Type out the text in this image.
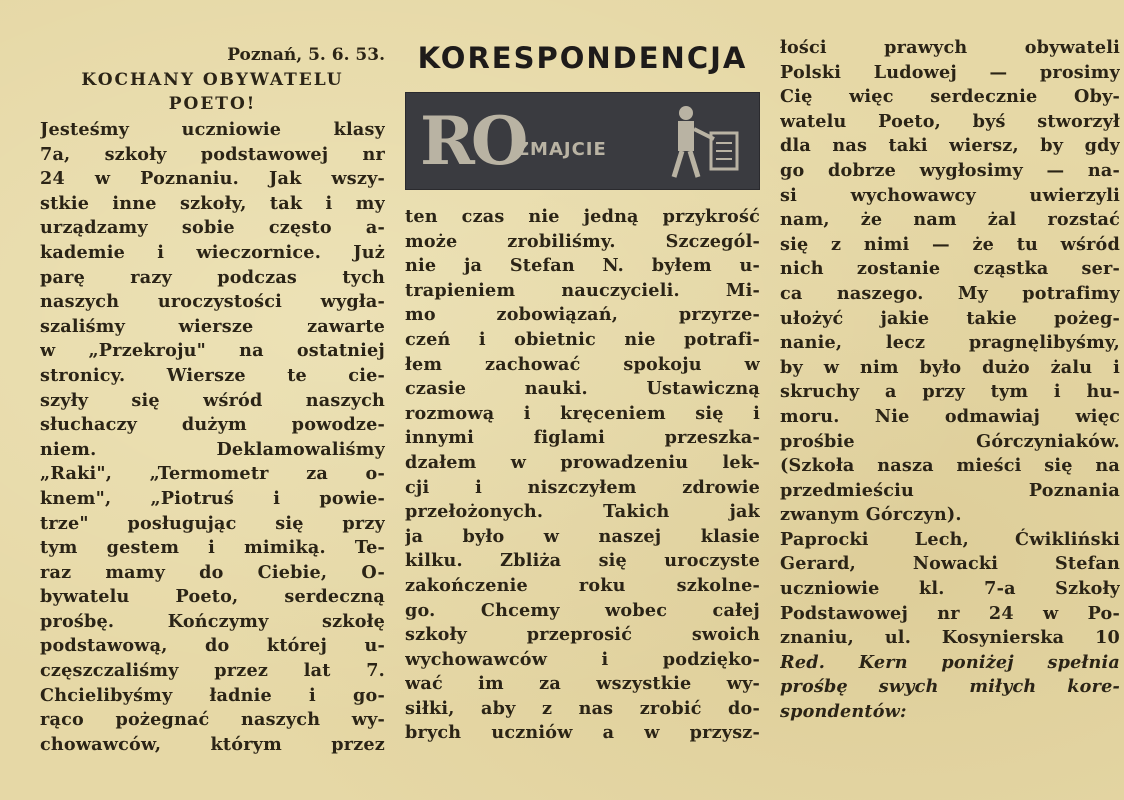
Poznań, 5. 6. 53.
KOCHANY OBYWATELU
POETO!
Jesteśmy uczniowie klasy
7a, szkoły podstawowej nr
24 w Poznaniu. Jak wszy-
stkie inne szkoły, tak i my
urządzamy sobie często a-
kademie i wieczornice. Już
parę razy podczas tych
naszych uroczystości wygła-
szaliśmy wiersze zawarte
w „Przekroju" na ostatniej
stronicy. Wiersze te cie-
szyły się wśród naszych
słuchaczy dużym powodze-
niem. Deklamowaliśmy
„Raki", „Termometr za o-
knem", „Piotruś i powie-
trze" posługując się przy
tym gestem i mimiką. Te-
raz mamy do Ciebie, O-
bywatelu Poeto, serdeczną
prośbę. Kończymy szkołę
podstawową, do której u-
częszczaliśmy przez lat 7.
Chcielibyśmy ładnie i go-
rąco pożegnać naszych wy-
chowawców, którym przez
KORESPONDENCJA
RO
ZMAJCIE
ten czas nie jedną przykrość
może zrobiliśmy. Szczegól-
nie ja Stefan N. byłem u-
trapieniem nauczycieli. Mi-
mo zobowiązań, przyrze-
czeń i obietnic nie potrafi-
łem zachować spokoju w
czasie nauki. Ustawiczną
rozmową i kręceniem się i
innymi figlami przeszka-
dzałem w prowadzeniu lek-
cji i niszczyłem zdrowie
przełożonych. Takich jak
ja było w naszej klasie
kilku. Zbliża się uroczyste
zakończenie roku szkolne-
go. Chcemy wobec całej
szkoły przeprosić swoich
wychowawców i podzięko-
wać im za wszystkie wy-
siłki, aby z nas zrobić do-
brych uczniów a w przysz-
łości prawych obywateli
Polski Ludowej — prosimy
Cię więc serdecznie Oby-
watelu Poeto, byś stworzył
dla nas taki wiersz, by gdy
go dobrze wygłosimy — na-
si wychowawcy uwierzyli
nam, że nam żal rozstać
się z nimi — że tu wśród
nich zostanie cząstka ser-
ca naszego. My potrafimy
ułożyć jakie takie pożeg-
nanie, lecz pragnęlibyśmy,
by w nim było dużo żalu i
skruchy a przy tym i hu-
moru. Nie odmawiaj więc
prośbie Górczyniaków.
(Szkoła nasza mieści się na
przedmieściu Poznania
zwanym Górczyn).
Paprocki Lech, Ćwikliński
Gerard, Nowacki Stefan
uczniowie kl. 7-a Szkoły
Podstawowej nr 24 w Po-
znaniu, ul. Kosynierska 10
Red. Kern poniżej spełnia
prośbę swych miłych kore-
spondentów:
